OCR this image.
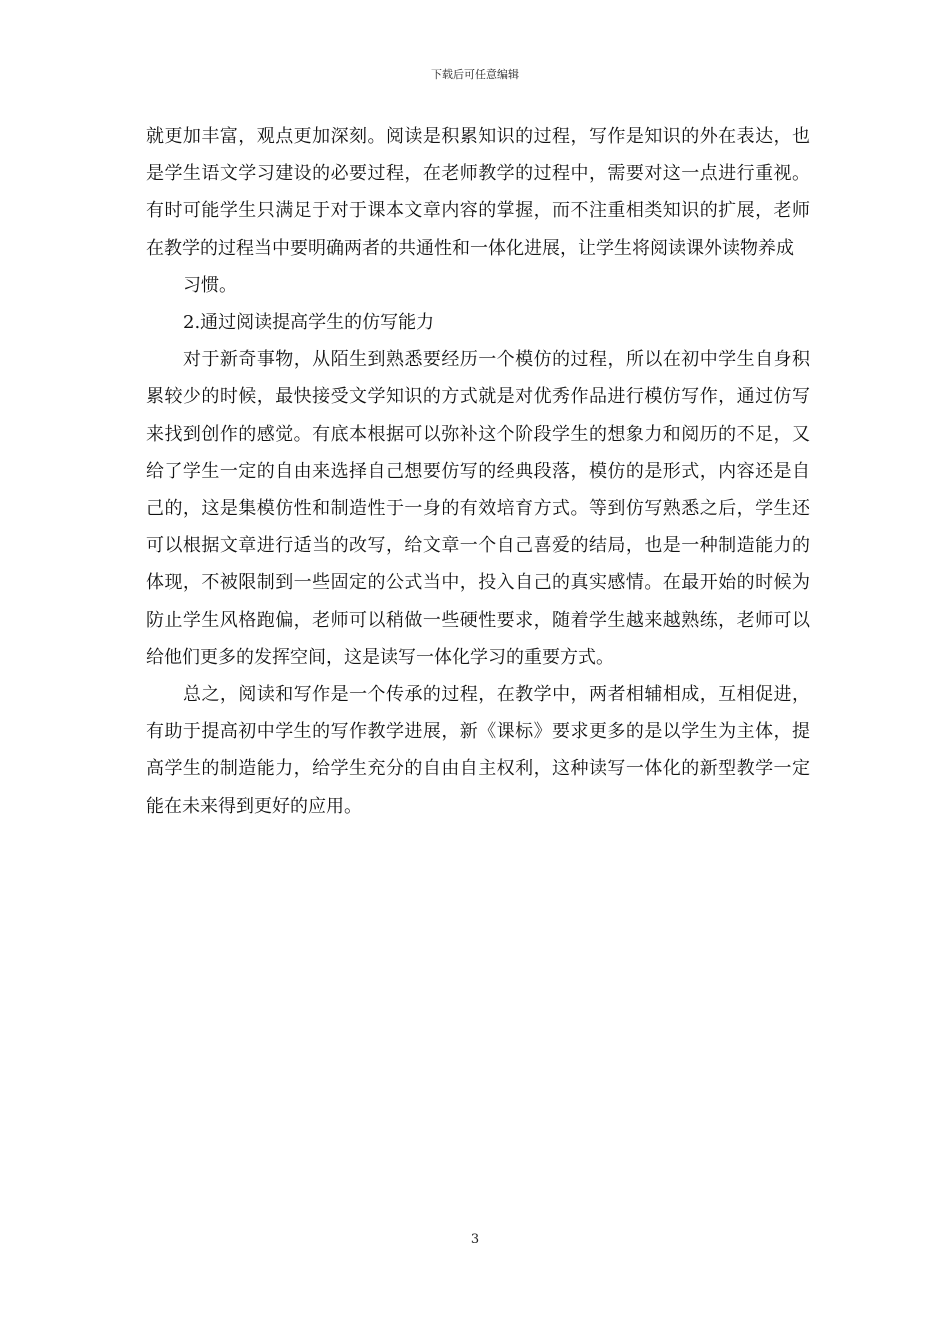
下载后可任意编辑

就更加丰富，观点更加深刻。阅读是积累知识的过程，写作是知识的外在表达，也是学生语文学习建设的必要过程，在老师教学的过程中，需要对这一点进行重视。有时可能学生只满足于对于课本文章内容的掌握，而不注重相类知识的扩展，老师在教学的过程当中要明确两者的共通性和一体化进展，让学生将阅读课外读物养成

习惯。

2.通过阅读提高学生的仿写能力

对于新奇事物，从陌生到熟悉要经历一个模仿的过程，所以在初中学生自身积累较少的时候，最快接受文学知识的方式就是对优秀作品进行模仿写作，通过仿写来找到创作的感觉。有底本根据可以弥补这个阶段学生的想象力和阅历的不足，又给了学生一定的自由来选择自己想要仿写的经典段落，模仿的是形式，内容还是自己的，这是集模仿性和制造性于一身的有效培育方式。等到仿写熟悉之后，学生还可以根据文章进行适当的改写，给文章一个自己喜爱的结局，也是一种制造能力的体现，不被限制到一些固定的公式当中，投入自己的真实感情。在最开始的时候为防止学生风格跑偏，老师可以稍做一些硬性要求，随着学生越来越熟练，老师可以给他们更多的发挥空间，这是读写一体化学习的重要方式。

总之，阅读和写作是一个传承的过程，在教学中，两者相辅相成，互相促进，有助于提高初中学生的写作教学进展，新《课标》要求更多的是以学生为主体，提高学生的制造能力，给学生充分的自由自主权利，这种读写一体化的新型教学一定能在未来得到更好的应用。

3
